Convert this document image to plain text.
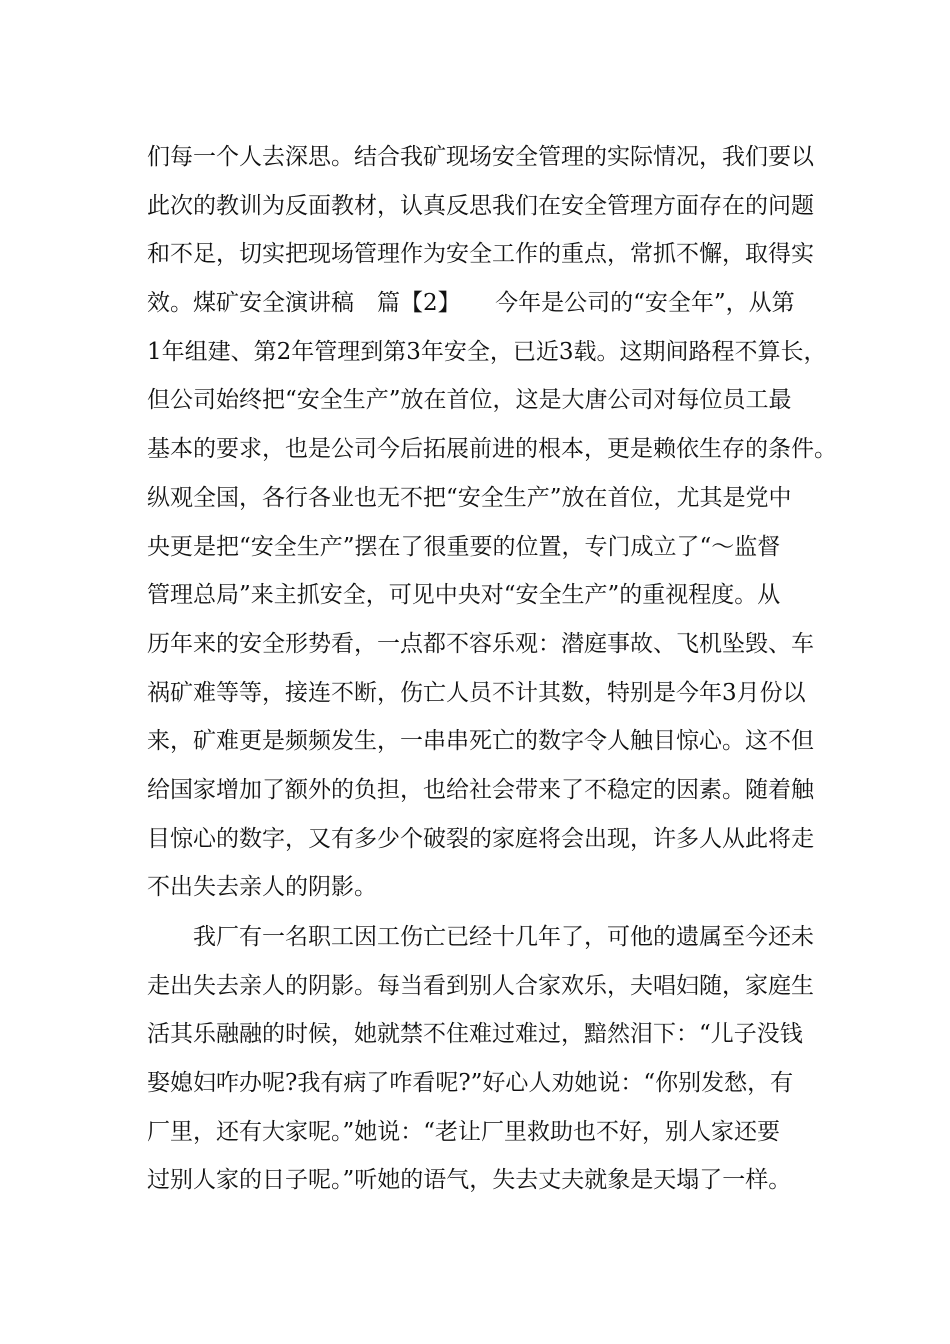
们每一个人去深思。结合我矿现场安全管理的实际情况，我们要以
此次的教训为反面教材，认真反思我们在安全管理方面存在的问题
和不足，切实把现场管理作为安全工作的重点，常抓不懈，取得实
效。煤矿安全演讲稿　篇【2】　　今年是公司的“安全年”，从第
1年组建、第2年管理到第3年安全，已近3载。这期间路程不算长，
但公司始终把“安全生产”放在首位，这是大唐公司对每位员工最
基本的要求，也是公司今后拓展前进的根本，更是赖依生存的条件。
纵观全国，各行各业也无不把“安全生产”放在首位，尤其是党中
央更是把“安全生产”摆在了很重要的位置，专门成立了“～监督
管理总局”来主抓安全，可见中央对“安全生产”的重视程度。从
历年来的安全形势看，一点都不容乐观：潜庭事故、飞机坠毁、车
祸矿难等等，接连不断，伤亡人员不计其数，特别是今年3月份以
来，矿难更是频频发生，一串串死亡的数字令人触目惊心。这不但
给国家增加了额外的负担，也给社会带来了不稳定的因素。随着触
目惊心的数字，又有多少个破裂的家庭将会出现，许多人从此将走
不出失去亲人的阴影。
　　我厂有一名职工因工伤亡已经十几年了，可他的遗属至今还未
走出失去亲人的阴影。每当看到别人合家欢乐，夫唱妇随，家庭生
活其乐融融的时候，她就禁不住难过难过，黯然泪下：“儿子没钱
娶媳妇咋办呢?我有病了咋看呢?”好心人劝她说：“你别发愁，有
厂里，还有大家呢。”她说：“老让厂里救助也不好，别人家还要
过别人家的日子呢。”听她的语气，失去丈夫就象是天塌了一样。
